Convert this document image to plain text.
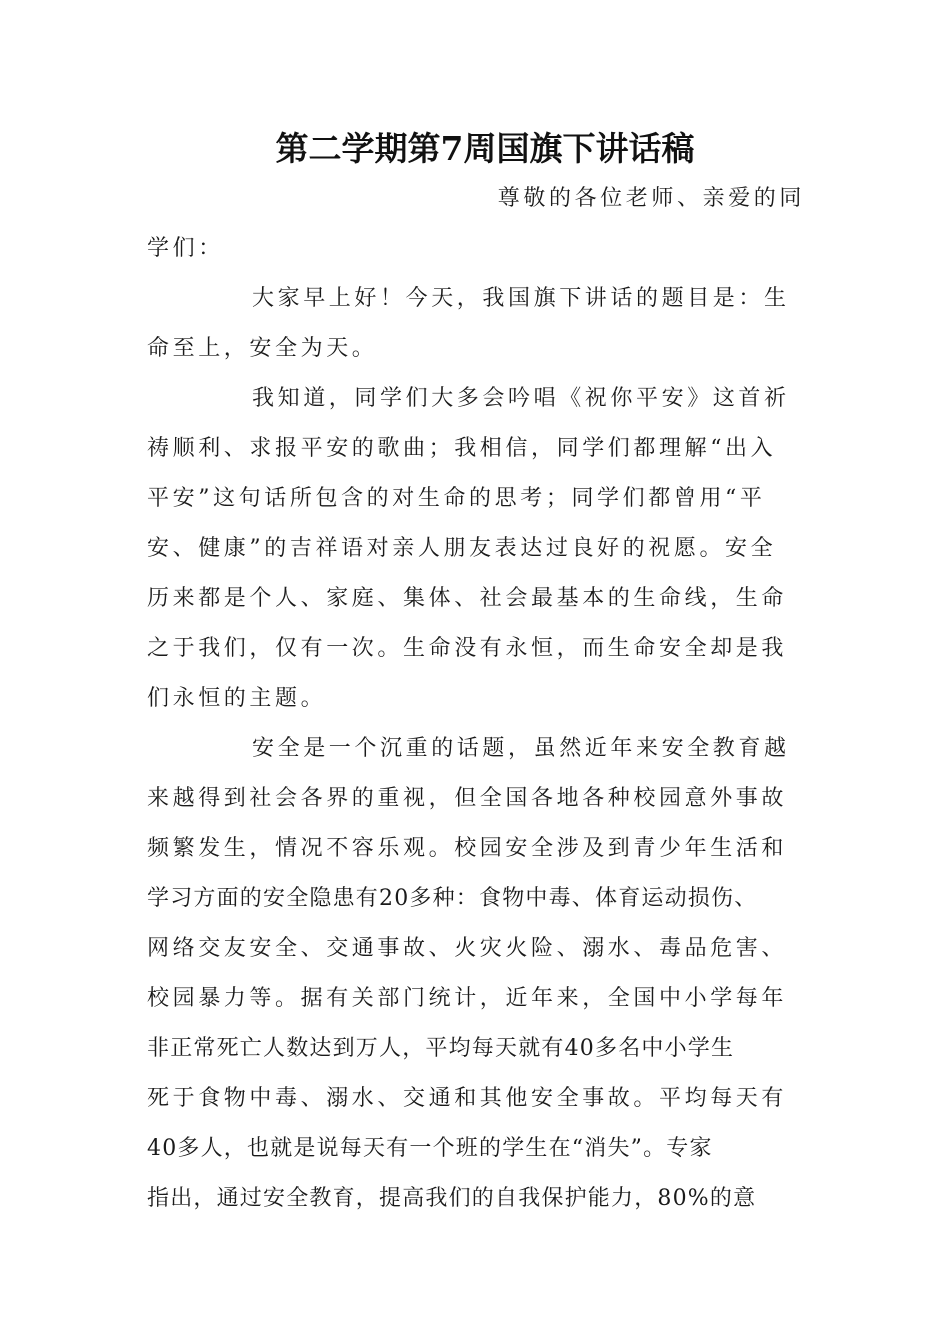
第二学期第7周国旗下讲话稿
尊敬的各位老师、亲爱的同
学们：
大家早上好！今天，我国旗下讲话的题目是：生
命至上，安全为天。
我知道，同学们大多会吟唱《祝你平安》这首祈
祷顺利、求报平安的歌曲；我相信，同学们都理解“出入
平安”这句话所包含的对生命的思考；同学们都曾用“平
安、健康”的吉祥语对亲人朋友表达过良好的祝愿。安全
历来都是个人、家庭、集体、社会最基本的生命线，生命
之于我们，仅有一次。生命没有永恒，而生命安全却是我
们永恒的主题。
安全是一个沉重的话题，虽然近年来安全教育越
来越得到社会各界的重视，但全国各地各种校园意外事故
频繁发生，情况不容乐观。校园安全涉及到青少年生活和
学习方面的安全隐患有20多种：食物中毒、体育运动损伤、
网络交友安全、交通事故、火灾火险、溺水、毒品危害、
校园暴力等。据有关部门统计，近年来，全国中小学每年
非正常死亡人数达到万人，平均每天就有40多名中小学生
死于食物中毒、溺水、交通和其他安全事故。平均每天有
40多人，也就是说每天有一个班的学生在“消失”。专家
指出，通过安全教育，提高我们的自我保护能力，80%的意
